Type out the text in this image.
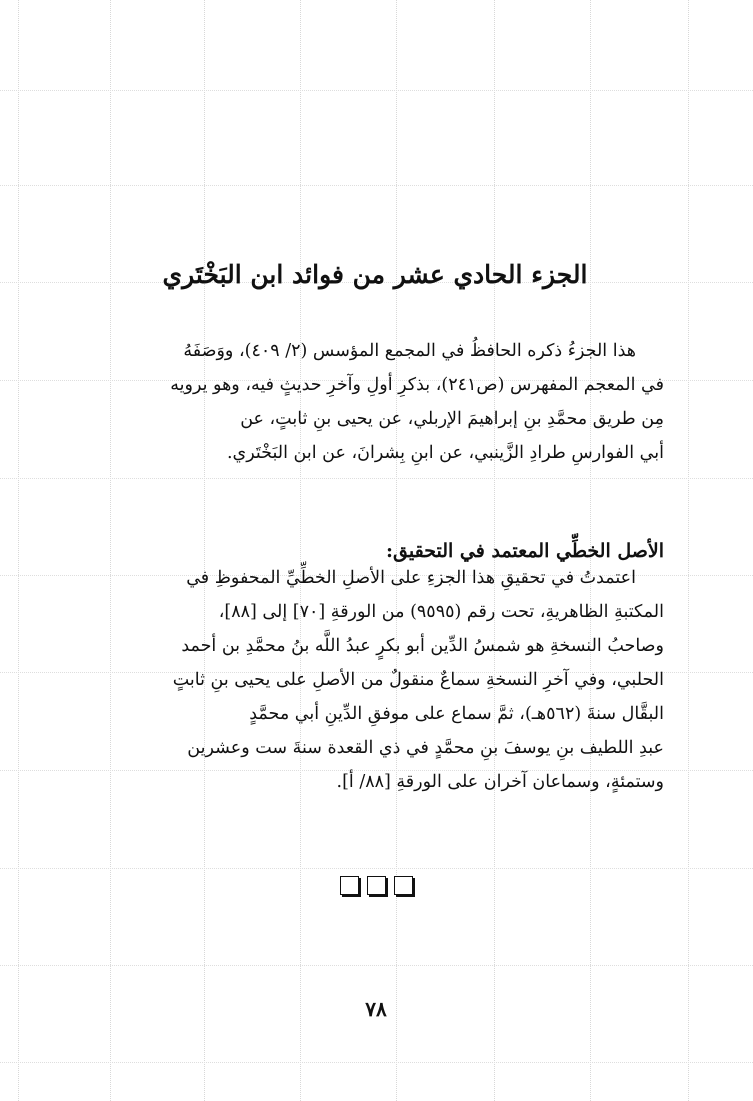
الجزء الحادي عشر من فوائد ابن البَخْتَري
هذا الجزءُ ذكره الحافظُ في المجمع المؤسس (٢/ ٤٠٩)، ووَصَفَهُ
في المعجم المفهرس (ص٢٤١)، بذكرِ أولِ وآخرِ حديثٍ فيه، وهو يرويه
مِن طريق محمَّدِ بنِ إبراهيمَ الإربلي، عن يحيى بنِ ثابتٍ، عن
أبي الفوارسِ طرادِ الزَّينبي، عن ابنِ بِشرانَ، عن ابن البَخْتَري.
الأصل الخطِّي المعتمد في التحقيق:
اعتمدتُ في تحقيقِ هذا الجزءِ على الأصلِ الخطِّيِّ المحفوظِ في
المكتبةِ الظاهريةِ، تحت رقم (٩٥٩٥) من الورقةِ [٧٠] إلى [٨٨]،
وصاحبُ النسخةِ هو شمسُ الدِّين أبو بكرٍ عبدُ اللَّه بنُ محمَّدِ بن أحمد
الحلبي، وفي آخرِ النسخةِ سماعٌ منقولٌ من الأصلِ على يحيى بنِ ثابتٍ
البقَّال سنةَ (٥٦٢هـ)، ثمَّ سماع على موفقِ الدِّينِ أبي محمَّدٍ
عبدِ اللطيف بنِ يوسفَ بنِ محمَّدٍ في ذي القعدة سنةَ ست وعشرين
وستمئةٍ، وسماعان آخران على الورقةِ [٨٨/ أ].
٧٨
